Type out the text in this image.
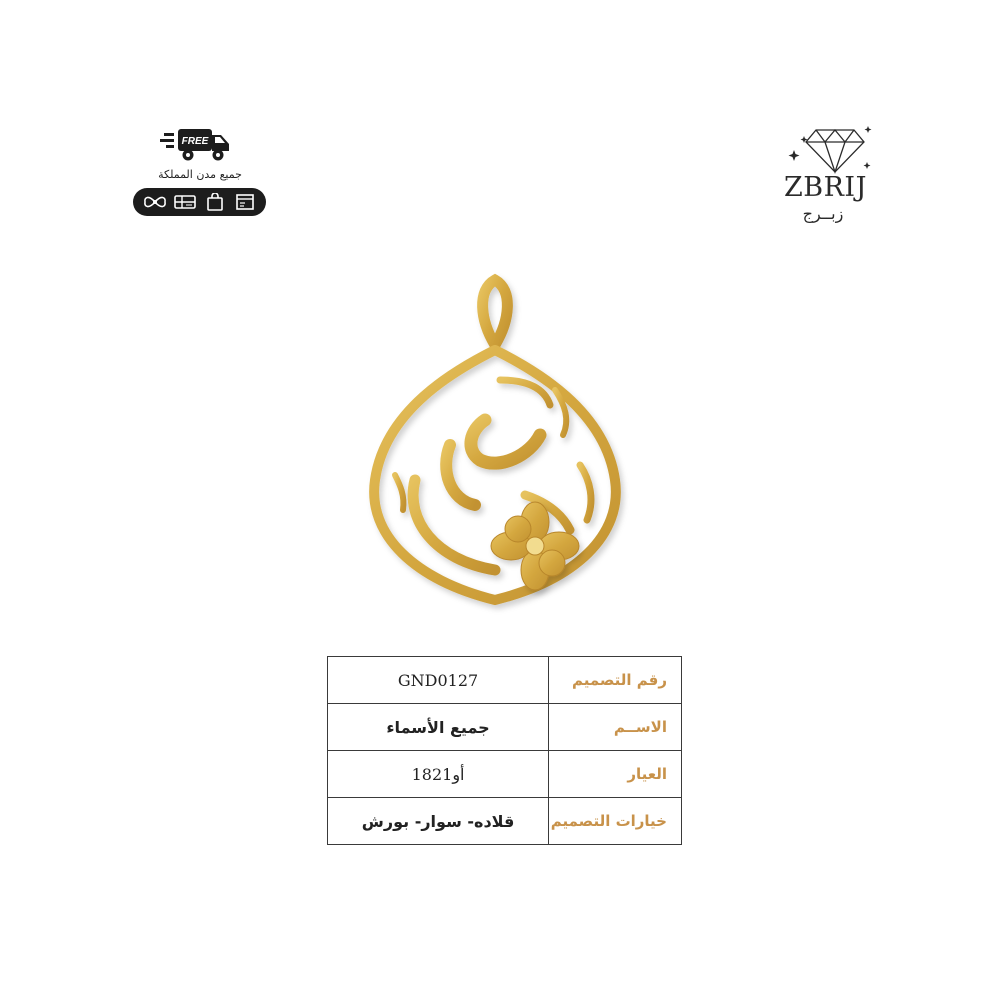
FREE
جميع مدن المملكة	ZBRIJ
زبــرج
GND0127	رقم التصميم
جميع الأسماء	الاســم
18أو21	العيار
قلاده- سوار- بورش	خيارات التصميم
